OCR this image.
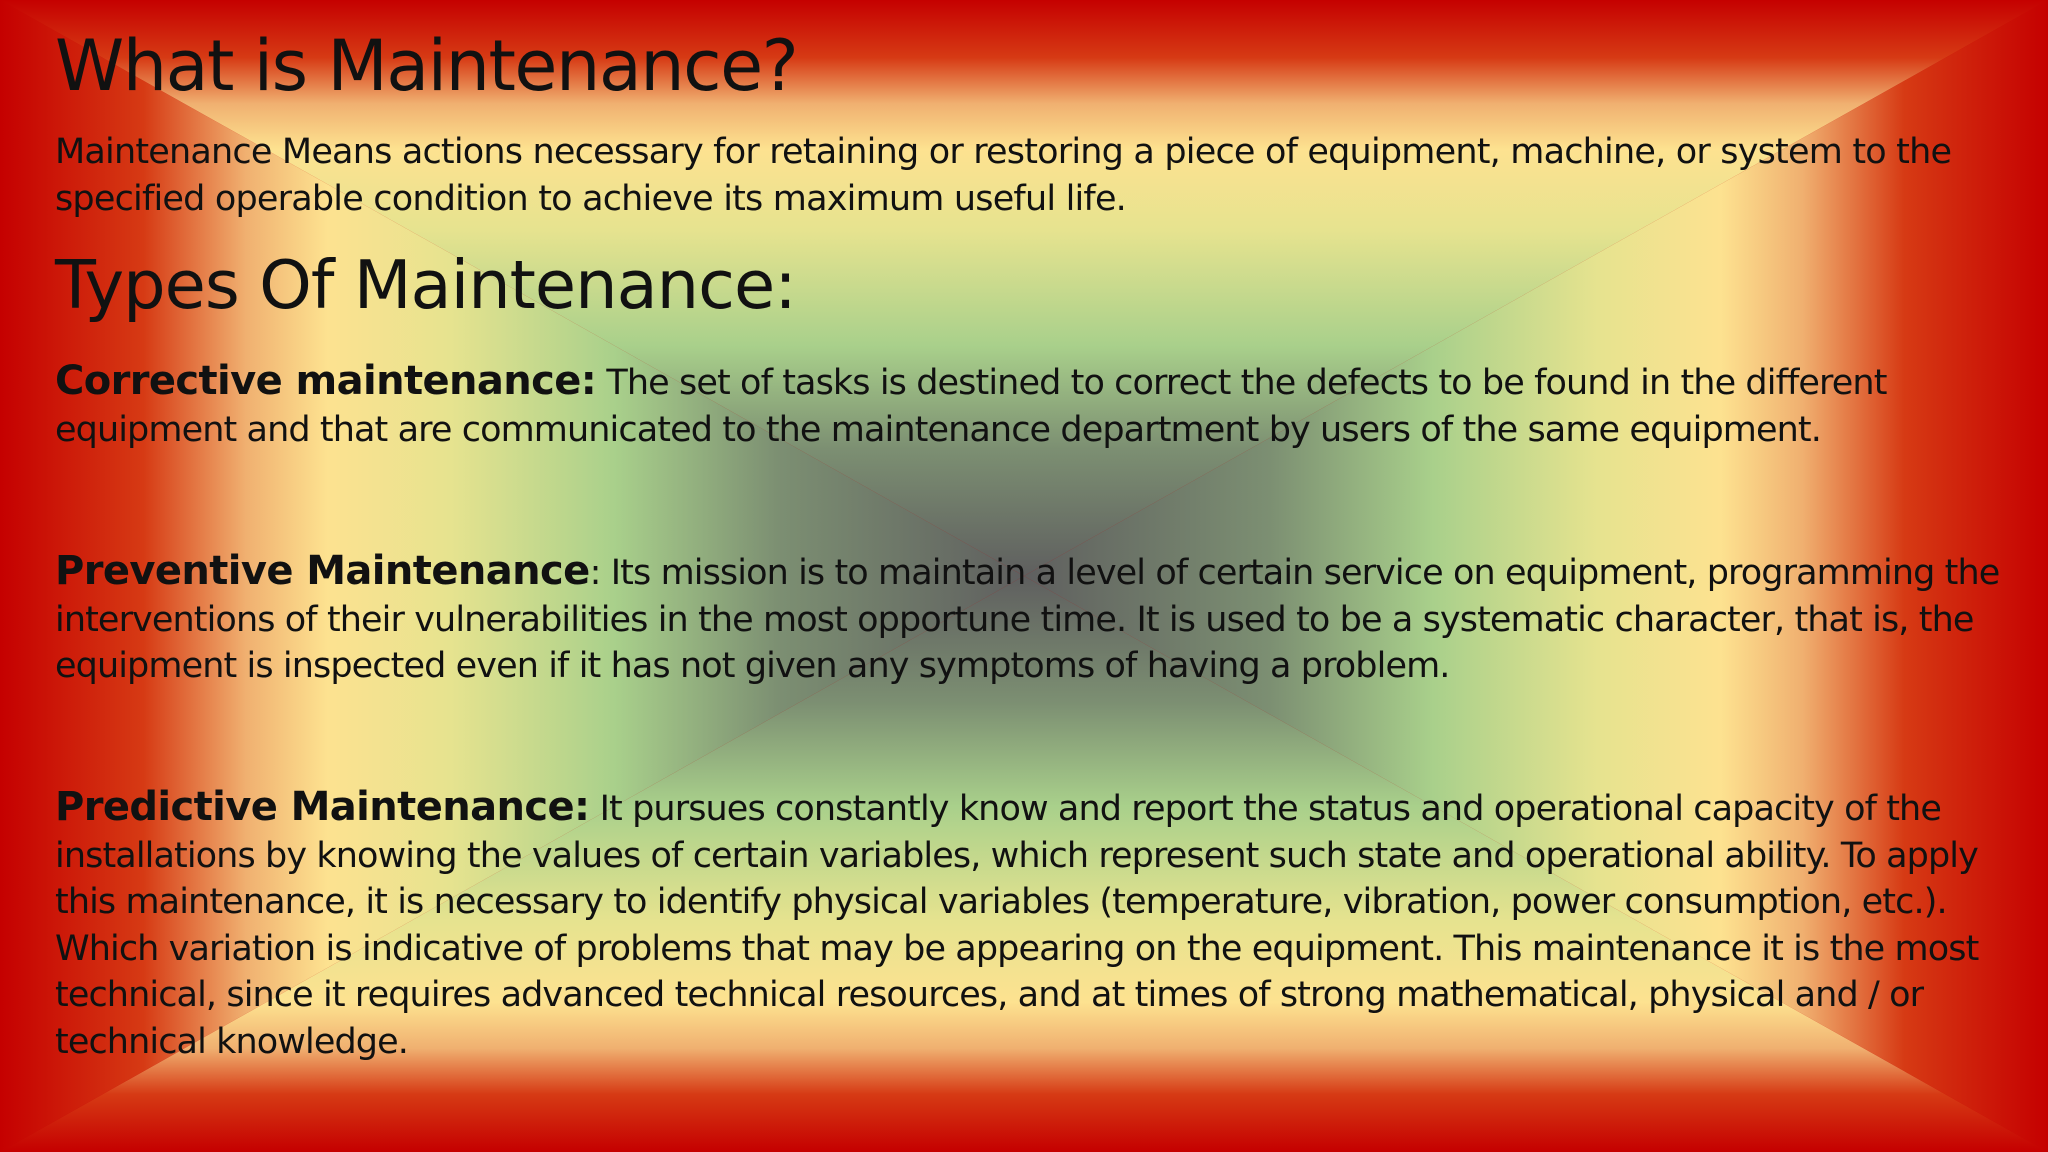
What is Maintenance?

Maintenance Means actions necessary for retaining or restoring a piece of equipment, machine, or system to the specified operable condition to achieve its maximum useful life.

Types Of Maintenance:

Corrective maintenance: The set of tasks is destined to correct the defects to be found in the different equipment and that are communicated to the maintenance department by users of the same equipment.

Preventive Maintenance: Its mission is to maintain a level of certain service on equipment, programming the interventions of their vulnerabilities in the most opportune time. It is used to be a systematic character, that is, the equipment is inspected even if it has not given any symptoms of having a problem.

Predictive Maintenance: It pursues constantly know and report the status and operational capacity of the installations by knowing the values of certain variables, which represent such state and operational ability. To apply this maintenance, it is necessary to identify physical variables (temperature, vibration, power consumption, etc.). Which variation is indicative of problems that may be appearing on the equipment. This maintenance it is the most technical, since it requires advanced technical resources, and at times of strong mathematical, physical and / or technical knowledge.
